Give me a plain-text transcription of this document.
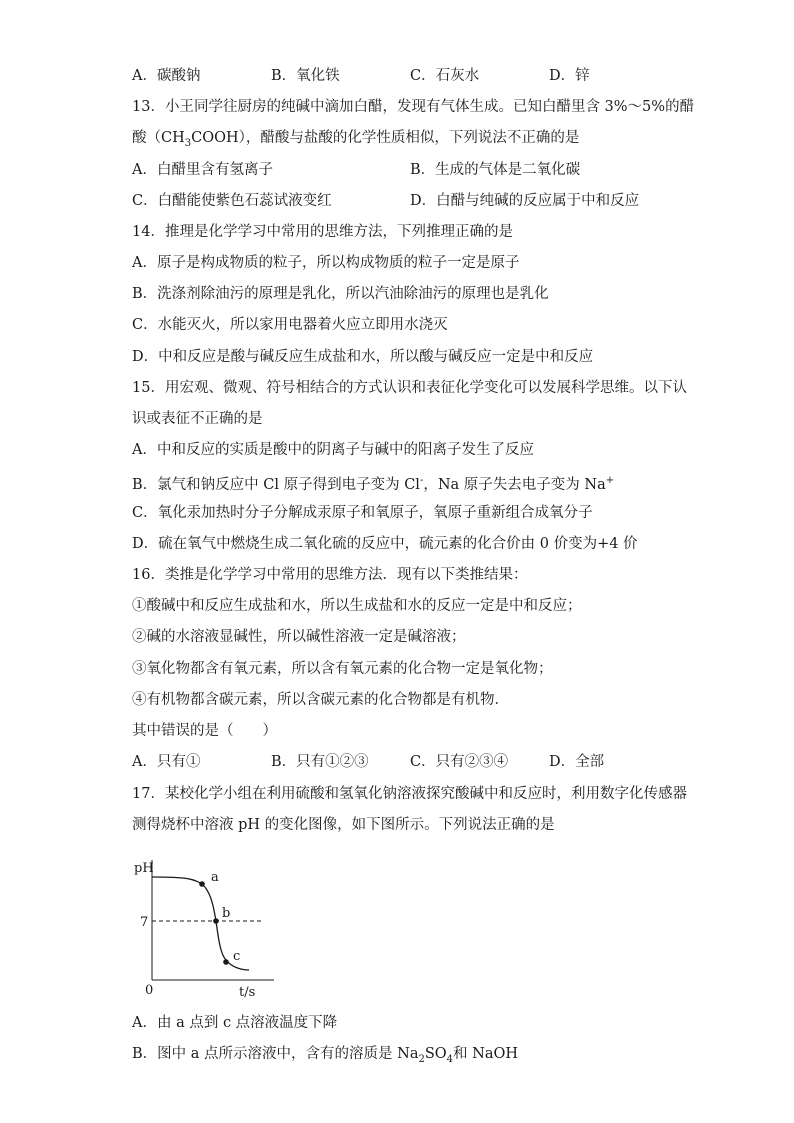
A．碳酸钠	B．氧化铁	C．石灰水	D．锌
13．小王同学往厨房的纯碱中滴加白醋，发现有气体生成。已知白醋里含 3%～5%的醋
酸$(CH_3COOH)$，醋酸与盐酸的化学性质相似，下列说法不正确的是
A．白醋里含有氢离子	B．生成的气体是二氧化碳
C．白醋能使紫色石蕊试液变红	D．白醋与纯碱的反应属于中和反应
14．推理是化学学习中常用的思维方法，下列推理正确的是
A．原子是构成物质的粒子，所以构成物质的粒子一定是原子
B．洗涤剂除油污的原理是乳化，所以汽油除油污的原理也是乳化
C．水能灭火，所以家用电器着火应立即用水浇灭
D．中和反应是酸与碱反应生成盐和水，所以酸与碱反应一定是中和反应
15．用宏观、微观、符号相结合的方式认识和表征化学变化可以发展科学思维。以下认
识或表征不正确的是
A．中和反应的实质是酸中的阴离子与碱中的阳离子发生了反应
B．氯气和钠反应中 Cl 原子得到电子变为 Cl-，Na 原子失去电子变为 Na+
C．氧化汞加热时分子分解成汞原子和氧原子，氧原子重新组合成氧分子
D．硫在氧气中燃烧生成二氧化硫的反应中，硫元素的化合价由 0 价变为+4 价
16．类推是化学学习中常用的思维方法．现有以下类推结果：
①酸碱中和反应生成盐和水，所以生成盐和水的反应一定是中和反应；
②碱的水溶液显碱性，所以碱性溶液一定是碱溶液；
③氧化物都含有氧元素，所以含有氧元素的化合物一定是氧化物；
④有机物都含碳元素，所以含碳元素的化合物都是有机物．
其中错误的是（　　）
A．只有①	B．只有①②③	C．只有②③④	D．全部
17．某校化学小组在利用硫酸和氢氧化钠溶液探究酸碱中和反应时，利用数字化传感器
测得烧杯中溶液 pH 的变化图像，如下图所示。下列说法正确的是
pH
t/s
0
7
a
b
c
A．由 a 点到 c 点溶液温度下降
B．图中 a 点所示溶液中，含有的溶质是 $Na_2SO_4$和 NaOH
